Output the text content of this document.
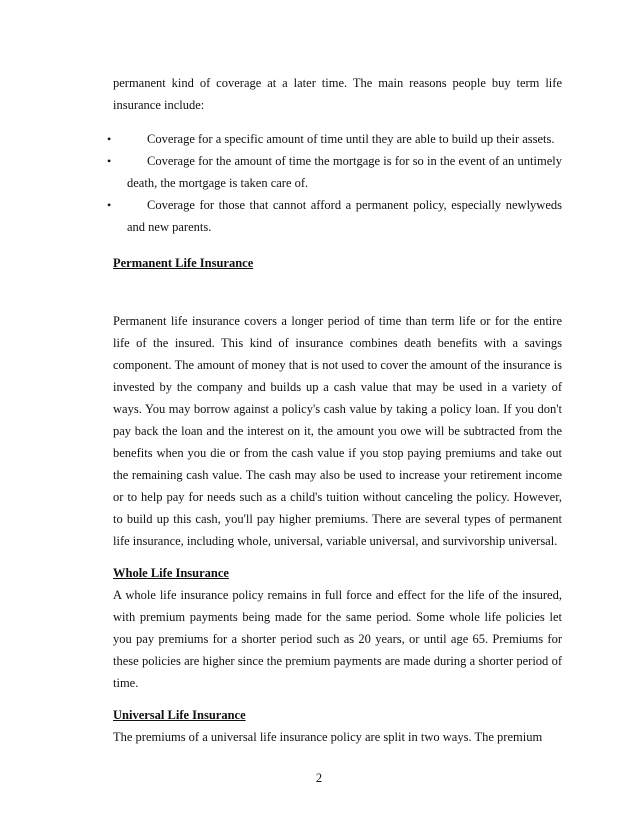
permanent kind of coverage at a later time. The main reasons people buy term life insurance include:

•	Coverage for a specific amount of time until they are able to build up their assets.
•	Coverage for the amount of time the mortgage is for so in the event of an untimely death, the mortgage is taken care of.
•	Coverage for those that cannot afford a permanent policy, especially newlyweds and new parents.
Permanent Life Insurance

Permanent life insurance covers a longer period of time than term life or for the entire life of the insured. This kind of insurance combines death benefits with a savings component. The amount of money that is not used to cover the amount of the insurance is invested by the company and builds up a cash value that may be used in a variety of ways. You may borrow against a policy's cash value by taking a policy loan. If you don't pay back the loan and the interest on it, the amount you owe will be subtracted from the benefits when you die or from the cash value if you stop paying premiums and take out the remaining cash value. The cash may also be used to increase your retirement income or to help pay for needs such as a child's tuition without canceling the policy. However, to build up this cash, you'll pay higher premiums. There are several types of permanent life insurance, including whole, universal, variable universal, and survivorship universal.

Whole Life Insurance

A whole life insurance policy remains in full force and effect for the life of the insured, with premium payments being made for the same period. Some whole life policies let you pay premiums for a shorter period such as 20 years, or until age 65. Premiums for these policies are higher since the premium payments are made during a shorter period of time.

Universal Life Insurance

The premiums of a universal life insurance policy are split in two ways. The premium

2
